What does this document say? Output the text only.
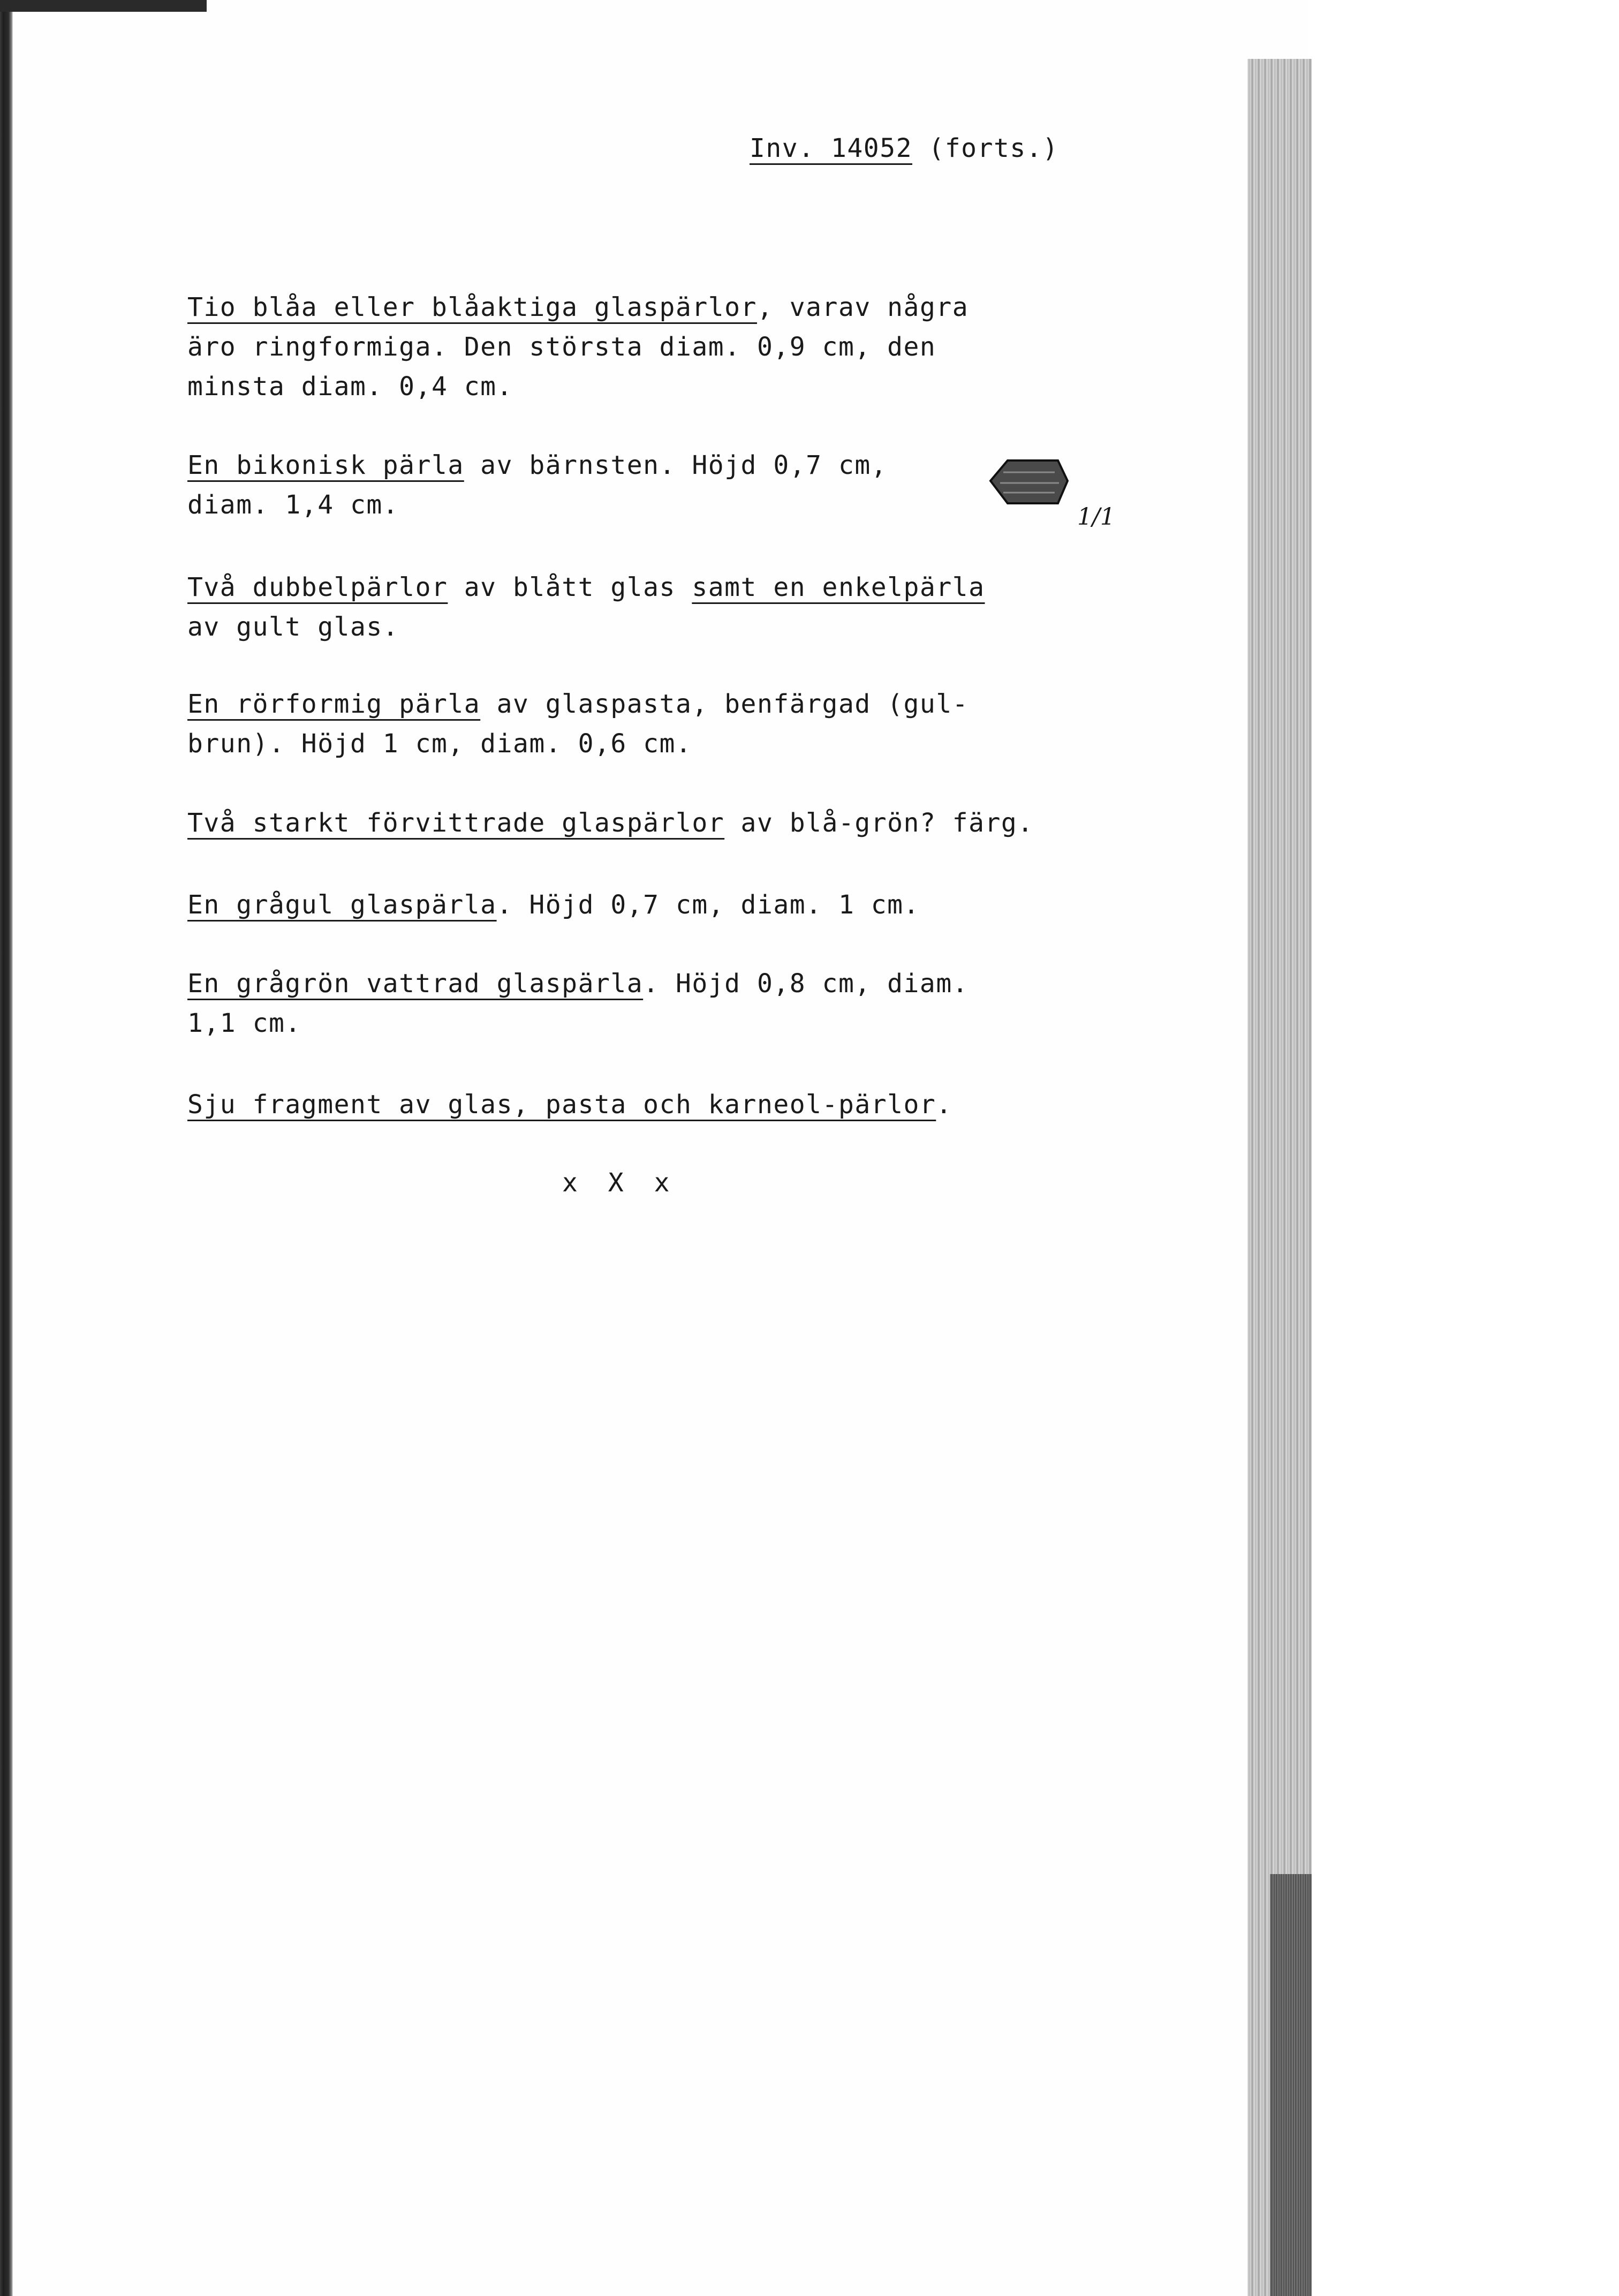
Inv. 14052 (forts.)
Tio blåa eller blåaktiga glaspärlor, varav några
äro ringformiga. Den största diam. 0,9 cm, den
minsta diam. 0,4 cm.
En bikonisk pärla av bärnsten. Höjd 0,7 cm,
diam. 1,4 cm.
Två dubbelpärlor av blått glas samt en enkelpärla
av gult glas.
En rörformig pärla av glaspasta, benfärgad (gul-
brun). Höjd 1 cm, diam. 0,6 cm.
Två starkt förvittrade glaspärlor av blå-grön? färg.
En grågul glaspärla. Höjd 0,7 cm, diam. 1 cm.
En grågrön vattrad glaspärla. Höjd 0,8 cm, diam.
1,1 cm.
Sju fragment av glas, pasta och karneol-pärlor.
1/1
x X x
